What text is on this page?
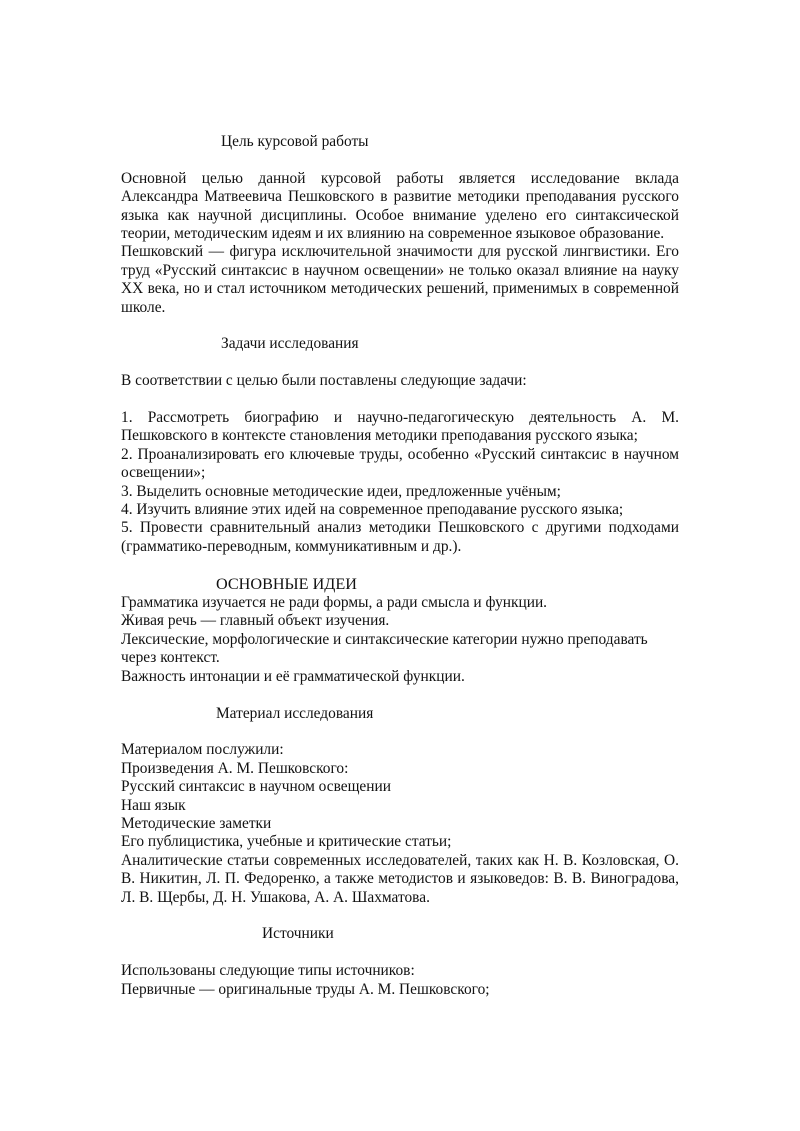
Цель курсовой работы

Основной целью данной курсовой работы является исследование вклада Александра Матвеевича Пешковского в развитие методики преподавания русского языка как научной дисциплины. Особое внимание уделено его синтаксической теории, методическим идеям и их влиянию на современное языковое образование.

Пешковский — фигура исключительной значимости для русской лингвистики. Его труд «Русский синтаксис в научном освещении» не только оказал влияние на науку XX века, но и стал источником методических решений, применимых в современной школе.

Задачи исследования

В соответствии с целью были поставлены следующие задачи:

1. Рассмотреть биографию и научно-педагогическую деятельность А. М. Пешковского в контексте становления методики преподавания русского языка;

2. Проанализировать его ключевые труды, особенно «Русский синтаксис в научном освещении»;

3. Выделить основные методические идеи, предложенные учёным;

4. Изучить влияние этих идей на современное преподавание русского языка;

5. Провести сравнительный анализ методики Пешковского с другими подходами (грамматико-переводным, коммуникативным и др.).

ОСНОВНЫЕ ИДЕИ

Грамматика изучается не ради формы, а ради смысла и функции.

Живая речь — главный объект изучения.

Лексические, морфологические и синтаксические категории нужно преподавать через контекст.

Важность интонации и её грамматической функции.

Материал исследования

Материалом послужили:

Произведения А. М. Пешковского:

Русский синтаксис в научном освещении

Наш язык

Методические заметки

Его публицистика, учебные и критические статьи;

Аналитические статьи современных исследователей, таких как Н. В. Козловская, О. В. Никитин, Л. П. Федоренко, а также методистов и языковедов: В. В. Виноградова, Л. В. Щербы, Д. Н. Ушакова, А. А. Шахматова.

Источники

Использованы следующие типы источников:

Первичные — оригинальные труды А. М. Пешковского;
